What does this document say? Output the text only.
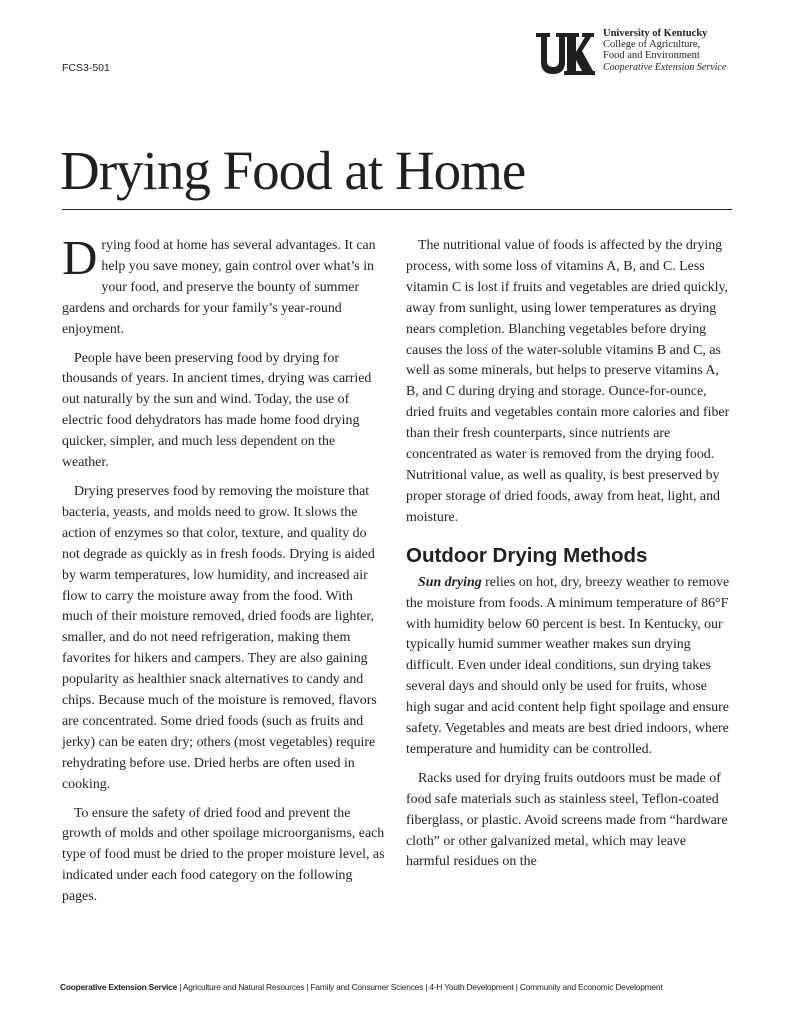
FCS3-501
University of Kentucky
College of Agriculture,
Food and Environment
Cooperative Extension Service
Drying Food at Home

Drying food at home has several advantages. It can help you save money, gain control over what’s in your food, and preserve the bounty of summer gardens and orchards for your family’s year-round enjoyment.

People have been preserving food by drying for thousands of years. In ancient times, drying was carried out naturally by the sun and wind. Today, the use of electric food dehydrators has made home food drying quicker, simpler, and much less dependent on the weather.

Drying preserves food by removing the moisture that bacteria, yeasts, and molds need to grow. It slows the action of enzymes so that color, texture, and quality do not degrade as quickly as in fresh foods. Drying is aided by warm temperatures, low humidity, and increased air flow to carry the moisture away from the food. With much of their moisture removed, dried foods are lighter, smaller, and do not need refrigeration, making them favorites for hikers and campers. They are also gaining popularity as healthier snack alternatives to candy and chips. Because much of the moisture is removed, flavors are concentrated. Some dried foods (such as fruits and jerky) can be eaten dry; others (most vegetables) require rehydrating before use. Dried herbs are often used in cooking.

To ensure the safety of dried food and prevent the growth of molds and other spoilage microorganisms, each type of food must be dried to the proper moisture level, as indicated under each food category on the following pages.

The nutritional value of foods is affected by the drying process, with some loss of vitamins A, B, and C. Less vitamin C is lost if fruits and vegetables are dried quickly, away from sunlight, using lower temperatures as drying nears completion. Blanching vegetables before drying causes the loss of the water-soluble vitamins B and C, as well as some minerals, but helps to preserve vitamins A, B, and C during drying and storage. Ounce-for-ounce, dried fruits and vegetables contain more calories and fiber than their fresh counterparts, since nutrients are concentrated as water is removed from the drying food. Nutritional value, as well as quality, is best preserved by proper storage of dried foods, away from heat, light, and moisture.

Outdoor Drying Methods

Sun drying relies on hot, dry, breezy weather to remove the moisture from foods. A minimum temperature of 86°F with humidity below 60 percent is best. In Kentucky, our typically humid summer weather makes sun drying difficult. Even under ideal conditions, sun drying takes several days and should only be used for fruits, whose high sugar and acid content help fight spoilage and ensure safety. Vegetables and meats are best dried indoors, where temperature and humidity can be controlled.

Racks used for drying fruits outdoors must be made of food safe materials such as stainless steel, Teflon-coated fiberglass, or plastic. Avoid screens made from “hardware cloth” or other galvanized metal, which may leave harmful residues on the

Cooperative Extension Service | Agriculture and Natural Resources | Family and Consumer Sciences | 4-H Youth Development | Community and Economic Development
